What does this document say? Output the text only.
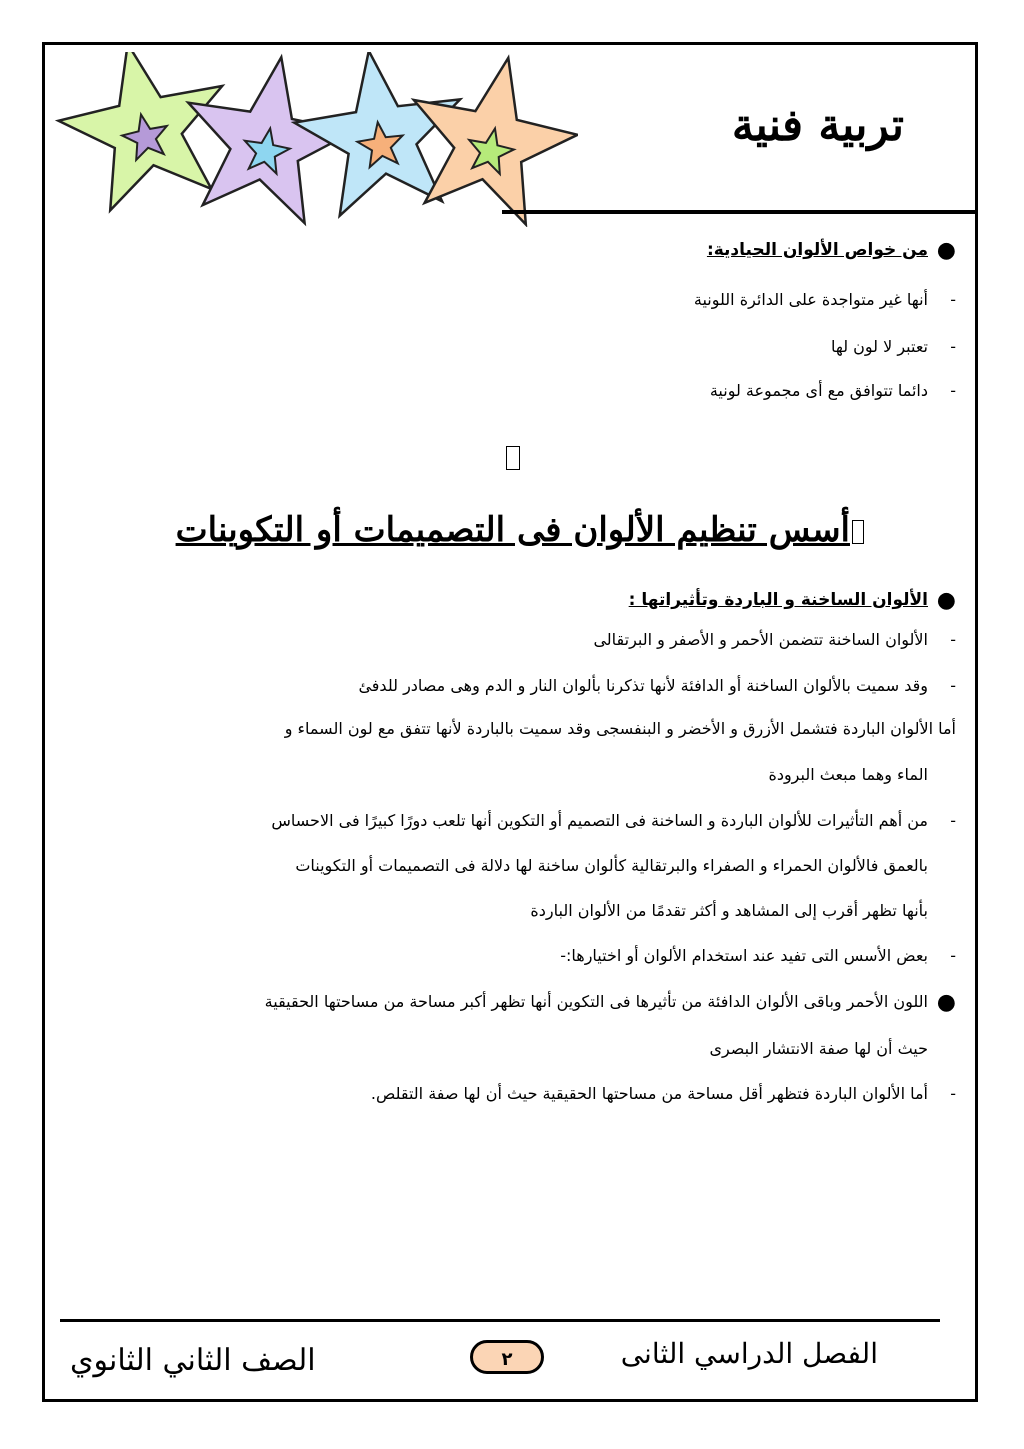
تربية فنية
●
من خواص الألوان الحيادية:
-
أنها غير متواجدة على الدائرة اللونية
-
تعتبر لا لون لها
-
دائما تتوافق مع أى مجموعة لونية
أسس تنظيم الألوان فى التصميمات أو التكوينات
●
الألوان الساخنة و الباردة وتأثيراتها :
-
الألوان الساخنة تتضمن الأحمر و الأصفر و البرتقالى
-
وقد سميت بالألوان الساخنة أو الدافئة لأنها تذكرنا بألوان النار و الدم وهى مصادر للدفئ
أما الألوان الباردة فتشمل الأزرق و الأخضر و البنفسجى وقد سميت بالباردة لأنها تتفق مع لون السماء و
الماء وهما مبعث البرودة
-
من أهم التأثيرات للألوان الباردة و الساخنة فى التصميم أو التكوين أنها تلعب دورًا كبيرًا فى الاحساس
بالعمق فالألوان الحمراء و الصفراء والبرتقالية كألوان ساخنة لها دلالة فى التصميمات أو التكوينات
بأنها تظهر أقرب إلى المشاهد و أكثر تقدمًا من الألوان الباردة
-
بعض الأسس التى تفيد عند استخدام الألوان أو اختيارها:-
●
اللون الأحمر وباقى الألوان الدافئة من تأثيرها فى التكوين أنها تظهر أكبر مساحة من مساحتها الحقيقية
حيث أن لها صفة الانتشار البصرى
-
أما الألوان الباردة فتظهر أقل مساحة من مساحتها الحقيقية حيث أن لها صفة التقلص.
الصف الثاني الثانوي	٢	الفصل الدراسي الثانى
